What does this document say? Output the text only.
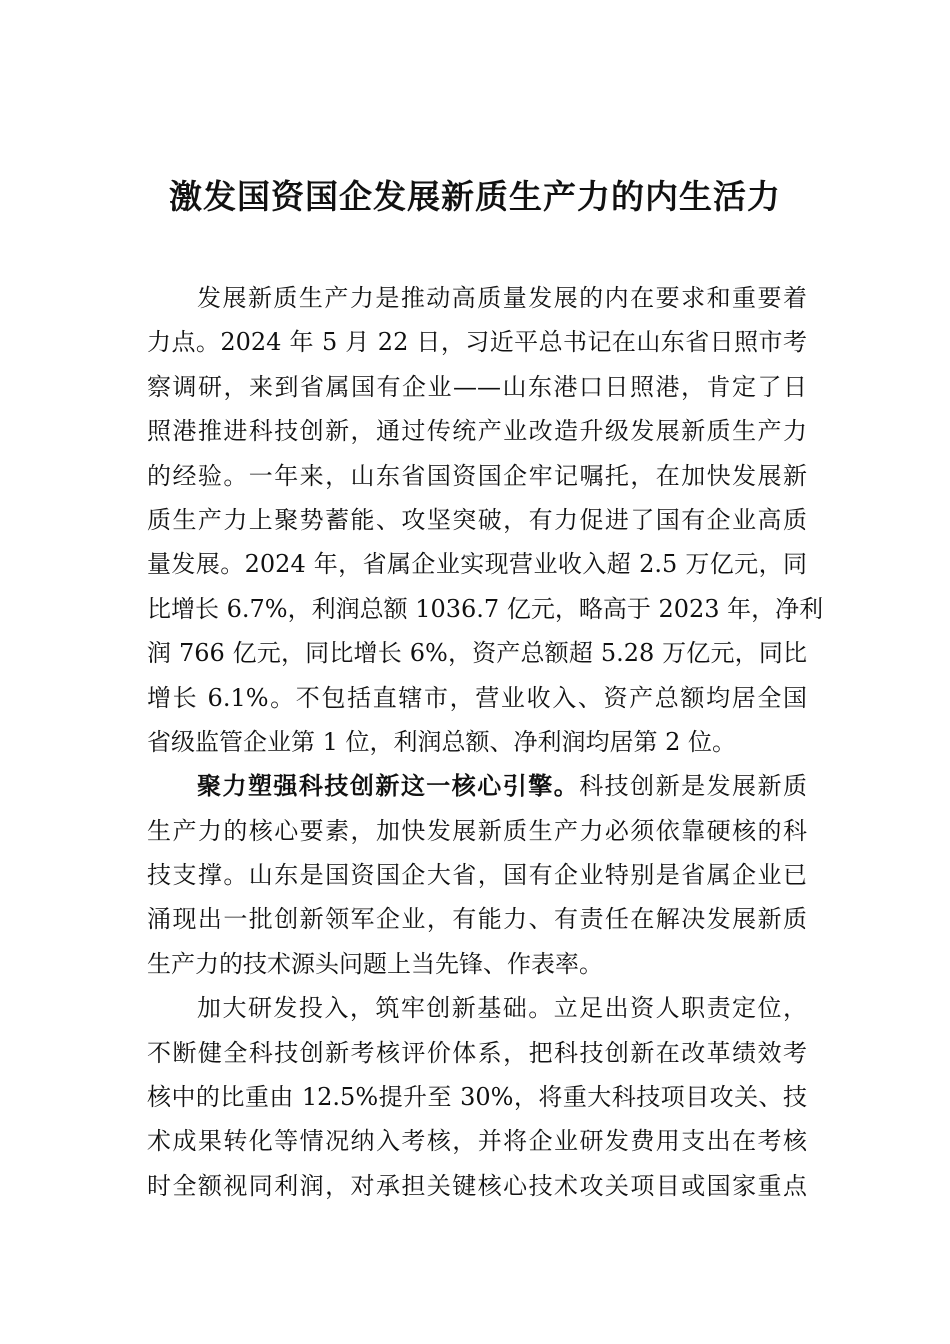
激发国资国企发展新质生产力的内生活力
发展新质生产力是推动高质量发展的内在要求和重要着
力点。2024 年 5 月 22 日，习近平总书记在山东省日照市考
察调研，来到省属国有企业——山东港口日照港，肯定了日
照港推进科技创新，通过传统产业改造升级发展新质生产力
的经验。一年来，山东省国资国企牢记嘱托，在加快发展新
质生产力上聚势蓄能、攻坚突破，有力促进了国有企业高质
量发展。2024 年，省属企业实现营业收入超 2.5 万亿元，同
比增长 6.7%，利润总额 1036.7 亿元，略高于 2023 年，净利
润 766 亿元，同比增长 6%，资产总额超 5.28 万亿元，同比
增长 6.1%。不包括直辖市，营业收入、资产总额均居全国
省级监管企业第 1 位，利润总额、净利润均居第 2 位。
聚力塑强科技创新这一核心引擎。科技创新是发展新质
生产力的核心要素，加快发展新质生产力必须依靠硬核的科
技支撑。山东是国资国企大省，国有企业特别是省属企业已
涌现出一批创新领军企业，有能力、有责任在解决发展新质
生产力的技术源头问题上当先锋、作表率。
加大研发投入，筑牢创新基础。立足出资人职责定位，
不断健全科技创新考核评价体系，把科技创新在改革绩效考
核中的比重由 12.5%提升至 30%，将重大科技项目攻关、技
术成果转化等情况纳入考核，并将企业研发费用支出在考核
时全额视同利润，对承担关键核心技术攻关项目或国家重点
